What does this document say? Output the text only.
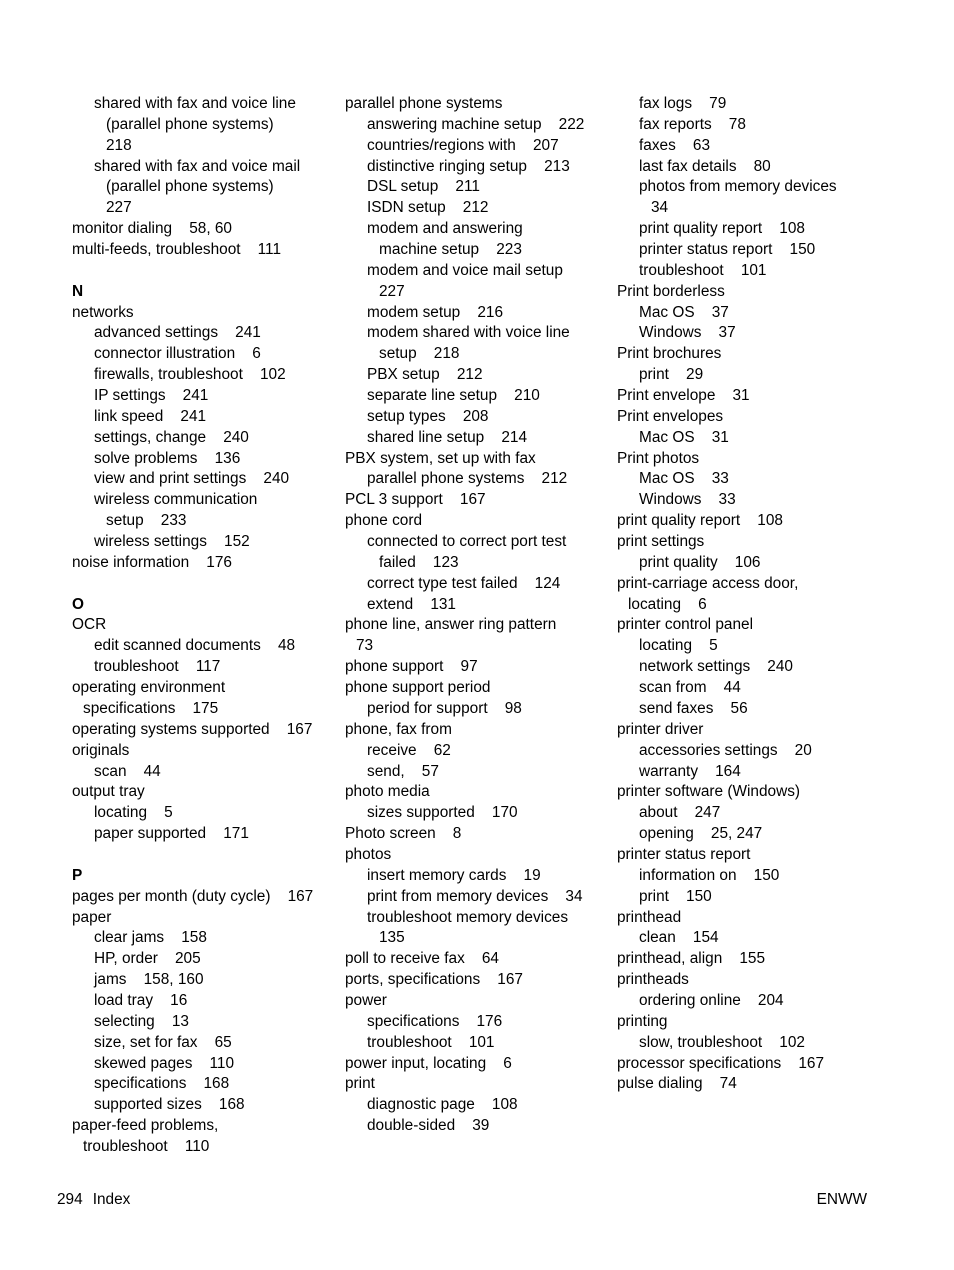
shared with fax and voice line
(parallel phone systems)
218
shared with fax and voice mail
(parallel phone systems)
227
monitor dialing    58, 60
multi-feeds, troubleshoot    111
N
networks
advanced settings    241
connector illustration    6
firewalls, troubleshoot    102
IP settings    241
link speed    241
settings, change    240
solve problems    136
view and print settings    240
wireless communication
setup    233
wireless settings    152
noise information    176
O
OCR
edit scanned documents    48
troubleshoot    117
operating environment
specifications    175
operating systems supported    167
originals
scan    44
output tray
locating    5
paper supported    171
P
pages per month (duty cycle)    167
paper
clear jams    158
HP, order    205
jams    158, 160
load tray    16
selecting    13
size, set for fax    65
skewed pages    110
specifications    168
supported sizes    168
paper-feed problems,
troubleshoot    110
parallel phone systems
answering machine setup    222
countries/regions with    207
distinctive ringing setup    213
DSL setup    211
ISDN setup    212
modem and answering
machine setup    223
modem and voice mail setup
227
modem setup    216
modem shared with voice line
setup    218
PBX setup    212
separate line setup    210
setup types    208
shared line setup    214
PBX system, set up with fax
parallel phone systems    212
PCL 3 support    167
phone cord
connected to correct port test
failed    123
correct type test failed    124
extend    131
phone line, answer ring pattern
73
phone support    97
phone support period
period for support    98
phone, fax from
receive    62
send,    57
photo media
sizes supported    170
Photo screen    8
photos
insert memory cards    19
print from memory devices    34
troubleshoot memory devices
135
poll to receive fax    64
ports, specifications    167
power
specifications    176
troubleshoot    101
power input, locating    6
print
diagnostic page    108
double-sided    39
fax logs    79
fax reports    78
faxes    63
last fax details    80
photos from memory devices
34
print quality report    108
printer status report    150
troubleshoot    101
Print borderless
Mac OS    37
Windows    37
Print brochures
print    29
Print envelope    31
Print envelopes
Mac OS    31
Print photos
Mac OS    33
Windows    33
print quality report    108
print settings
print quality    106
print-carriage access door,
locating    6
printer control panel
locating    5
network settings    240
scan from    44
send faxes    56
printer driver
accessories settings    20
warranty    164
printer software (Windows)
about    247
opening    25, 247
printer status report
information on    150
print    150
printhead
clean    154
printhead, align    155
printheads
ordering online    204
printing
slow, troubleshoot    102
processor specifications    167
pulse dialing    74
294 Index	ENWW
